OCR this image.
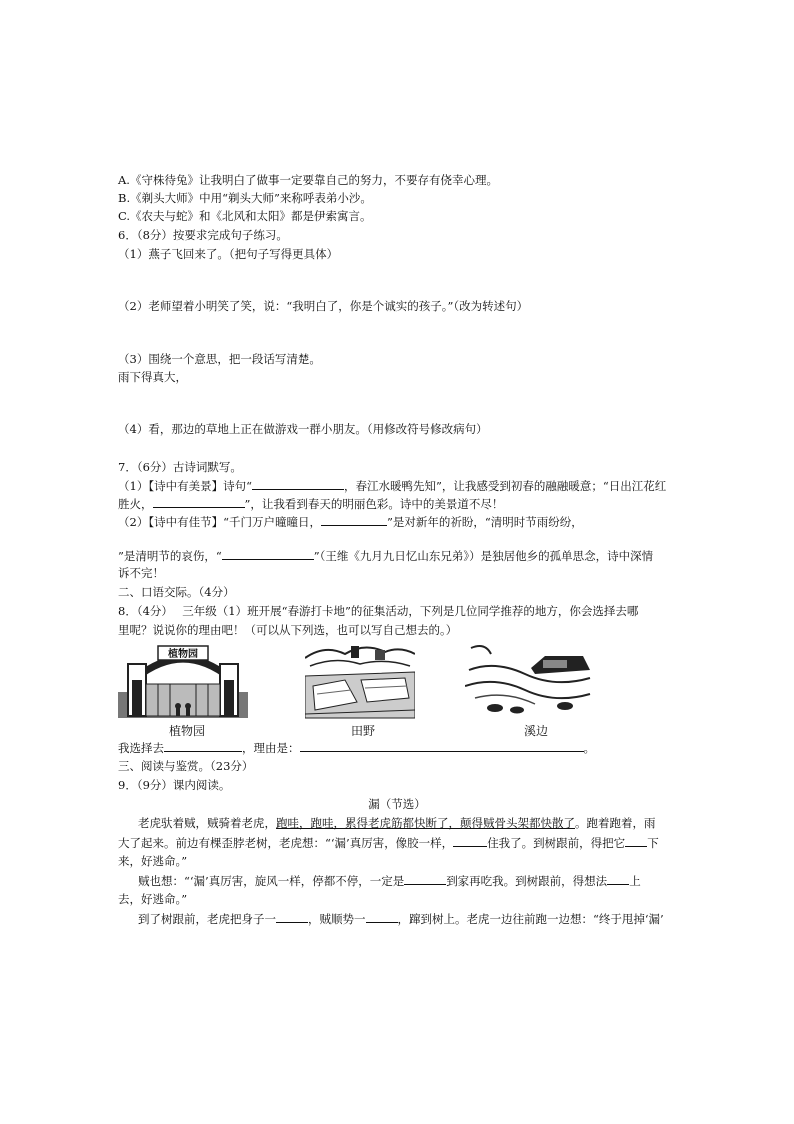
A.《守株待兔》让我明白了做事一定要靠自己的努力，不要存有侥幸心理。
B.《剃头大师》中用“剃头大师”来称呼表弟小沙。
C.《农夫与蛇》和《北风和太阳》都是伊索寓言。
6．（8分）按要求完成句子练习。
（1）燕子飞回来了。（把句子写得更具体）
（2）老师望着小明笑了笑，说：“我明白了，你是个诚实的孩子。”（改为转述句）
（3）围绕一个意思，把一段话写清楚。
雨下得真大，
（4）看，那边的草地上正在做游戏一群小朋友。（用修改符号修改病句）
7．（6分）古诗词默写。
（1）【诗中有美景】诗句“	，春江水暖鸭先知”，让我感受到初春的融融暖意；“日出江花红
胜火，	”，让我看到春天的明丽色彩。诗中的美景道不尽！
（2）【诗中有佳节】“千门万户曈曈日，	”是对新年的祈盼，“清明时节雨纷纷，
”是清明节的哀伤，“	”（王维《九月九日忆山东兄弟》）是独居他乡的孤单思念，诗中深情
诉不完！
二、口语交际。（4分）
8．（4分）　 三年级（1）班开展“春游打卡地”的征集活动，下列是几位同学推荐的地方，你会选择去哪
里呢？说说你的理由吧！（可以从下列选，也可以写自己想去的。）
植物园
植物园	田野	溪边
我选择去	，理由是：	。
三、阅读与鉴赏。（23分）
9．（9分）课内阅读。
漏（节选）
老虎驮着贼，贼骑着老虎，跑哇，跑哇，累得老虎筋都快断了，颠得贼骨头架都快散了。跑着跑着，雨
大了起来。前边有棵歪脖老树，老虎想：“‘漏’真厉害，像胶一样，	住我了。到树跟前，得把它 下
来，好逃命。”
贼也想：“‘漏’真厉害，旋风一样，停都不停，一定是	到家再吃我。到树跟前，得想法 上
去，好逃命。”
到了树跟前，老虎把身子一	，贼顺势一	，蹿到树上。老虎一边往前跑一边想：“终于甩掉‘漏’
